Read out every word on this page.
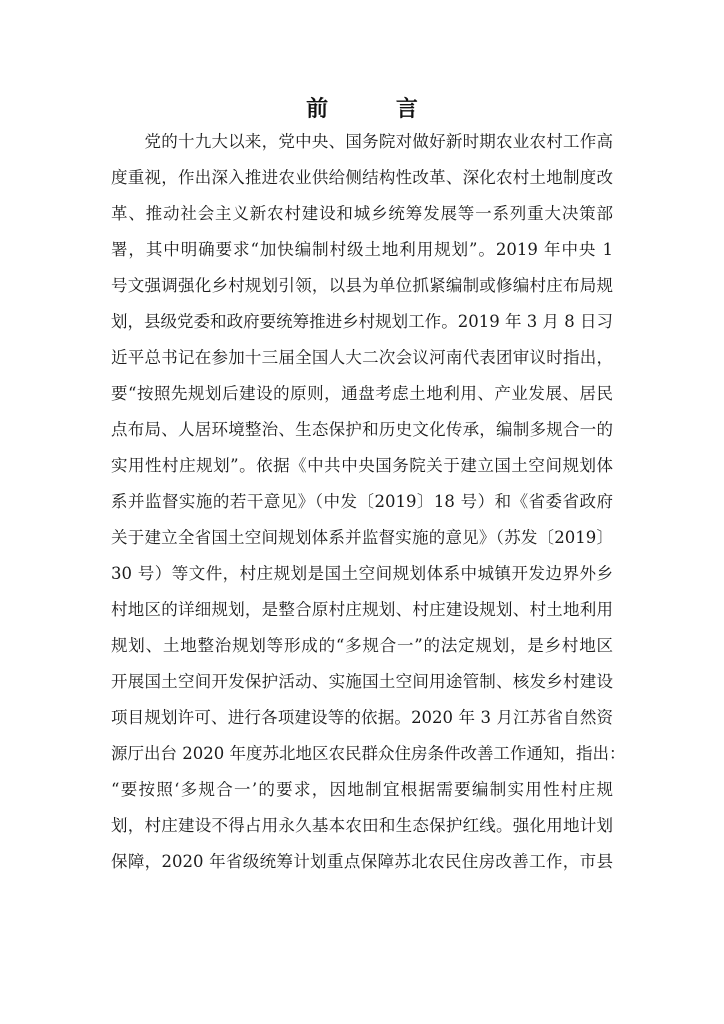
前 言
　　党的十九大以来，党中央、国务院对做好新时期农业农村工作高
度重视，作出深入推进农业供给侧结构性改革、深化农村土地制度改
革、推动社会主义新农村建设和城乡统筹发展等一系列重大决策部
署，其中明确要求“加快编制村级土地利用规划”。2019 年中央 1
号文强调强化乡村规划引领，以县为单位抓紧编制或修编村庄布局规
划，县级党委和政府要统筹推进乡村规划工作。2019 年 3 月 8 日习
近平总书记在参加十三届全国人大二次会议河南代表团审议时指出，
要“按照先规划后建设的原则，通盘考虑土地利用、产业发展、居民
点布局、人居环境整治、生态保护和历史文化传承，编制多规合一的
实用性村庄规划”。依据《中共中央国务院关于建立国土空间规划体
系并监督实施的若干意见》（中发〔2019〕18 号）和《省委省政府
关于建立全省国土空间规划体系并监督实施的意见》（苏发〔2019〕
30 号）等文件，村庄规划是国土空间规划体系中城镇开发边界外乡
村地区的详细规划，是整合原村庄规划、村庄建设规划、村土地利用
规划、土地整治规划等形成的“多规合一”的法定规划，是乡村地区
开展国土空间开发保护活动、实施国土空间用途管制、核发乡村建设
项目规划许可、进行各项建设等的依据。2020 年 3 月江苏省自然资
源厅出台 2020 年度苏北地区农民群众住房条件改善工作通知，指出：
“要按照‘多规合一’的要求，因地制宜根据需要编制实用性村庄规
划，村庄建设不得占用永久基本农田和生态保护红线。强化用地计划
保障，2020 年省级统筹计划重点保障苏北农民住房改善工作，市县
